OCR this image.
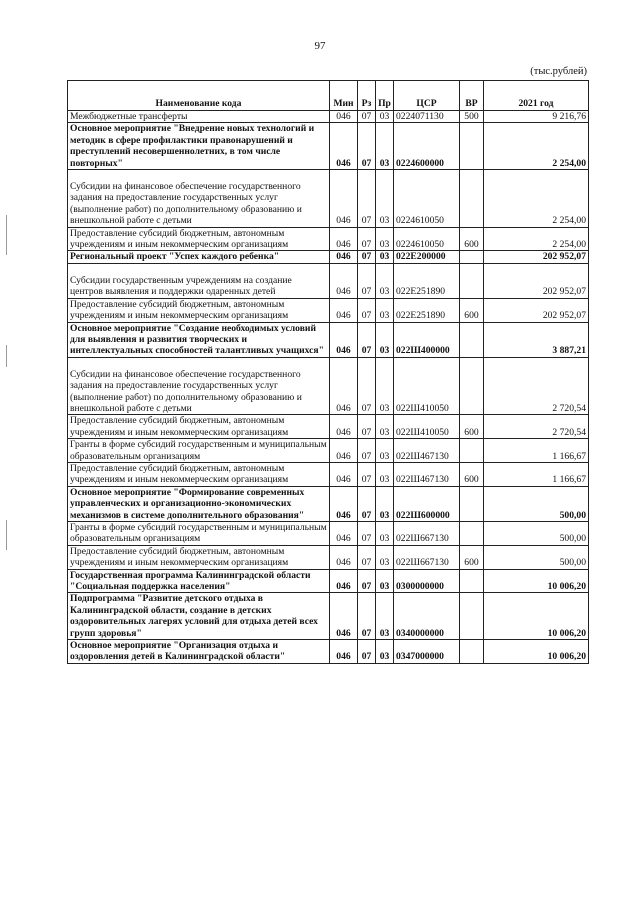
97
(тыс.рублей)
Наименование кода	Мин	Рз	Пр	ЦСР	ВР	2021 год
Межбюджетные трансферты	046	07	03	0224071130	500	9 216,76
Основное мероприятие "Внедрение новых технологий и методик в сфере профилактики правонарушений и преступлений несовершеннолетних, в том числе повторных"	046	07	03	0224600000		2 254,00
Субсидии на финансовое обеспечение государственного задания на предоставление государственных услуг (выполнение работ) по дополнительному образованию и внешкольной работе с детьми	046	07	03	0224610050		2 254,00
Предоставление субсидий бюджетным, автономным учреждениям и иным некоммерческим организациям	046	07	03	0224610050	600	2 254,00
Региональный проект "Успех каждого ребенка"	046	07	03	022E200000		202 952,07
Субсидии государственным учреждениям на создание центров выявления и поддержки одаренных детей	046	07	03	022E251890		202 952,07
Предоставление субсидий бюджетным, автономным учреждениям и иным некоммерческим организациям	046	07	03	022E251890	600	202 952,07
Основное мероприятие "Создание необходимых условий для выявления и развития творческих и интеллектуальных способностей талантливых учащихся"	046	07	03	022Ш400000		3 887,21
Субсидии на финансовое обеспечение государственного задания на предоставление государственных услуг (выполнение работ) по дополнительному образованию и внешкольной работе с детьми	046	07	03	022Ш410050		2 720,54
Предоставление субсидий бюджетным, автономным учреждениям и иным некоммерческим организациям	046	07	03	022Ш410050	600	2 720,54
Гранты в форме субсидий государственным и муниципальным образовательным организациям	046	07	03	022Ш467130		1 166,67
Предоставление субсидий бюджетным, автономным учреждениям и иным некоммерческим организациям	046	07	03	022Ш467130	600	1 166,67
Основное мероприятие "Формирование современных управленческих и организационно-экономических механизмов в системе дополнительного образования"	046	07	03	022Ш600000		500,00
Гранты в форме субсидий государственным и муниципальным образовательным организациям	046	07	03	022Ш667130		500,00
Предоставление субсидий бюджетным, автономным учреждениям и иным некоммерческим организациям	046	07	03	022Ш667130	600	500,00
Государственная программа Калининградской области "Социальная поддержка населения"	046	07	03	0300000000		10 006,20
Подпрограмма "Развитие детского отдыха в Калининградской области, создание в детских оздоровительных лагерях условий для отдыха детей всех групп здоровья"	046	07	03	0340000000		10 006,20
Основное мероприятие "Организация отдыха и оздоровления детей в Калининградской области"	046	07	03	0347000000		10 006,20
